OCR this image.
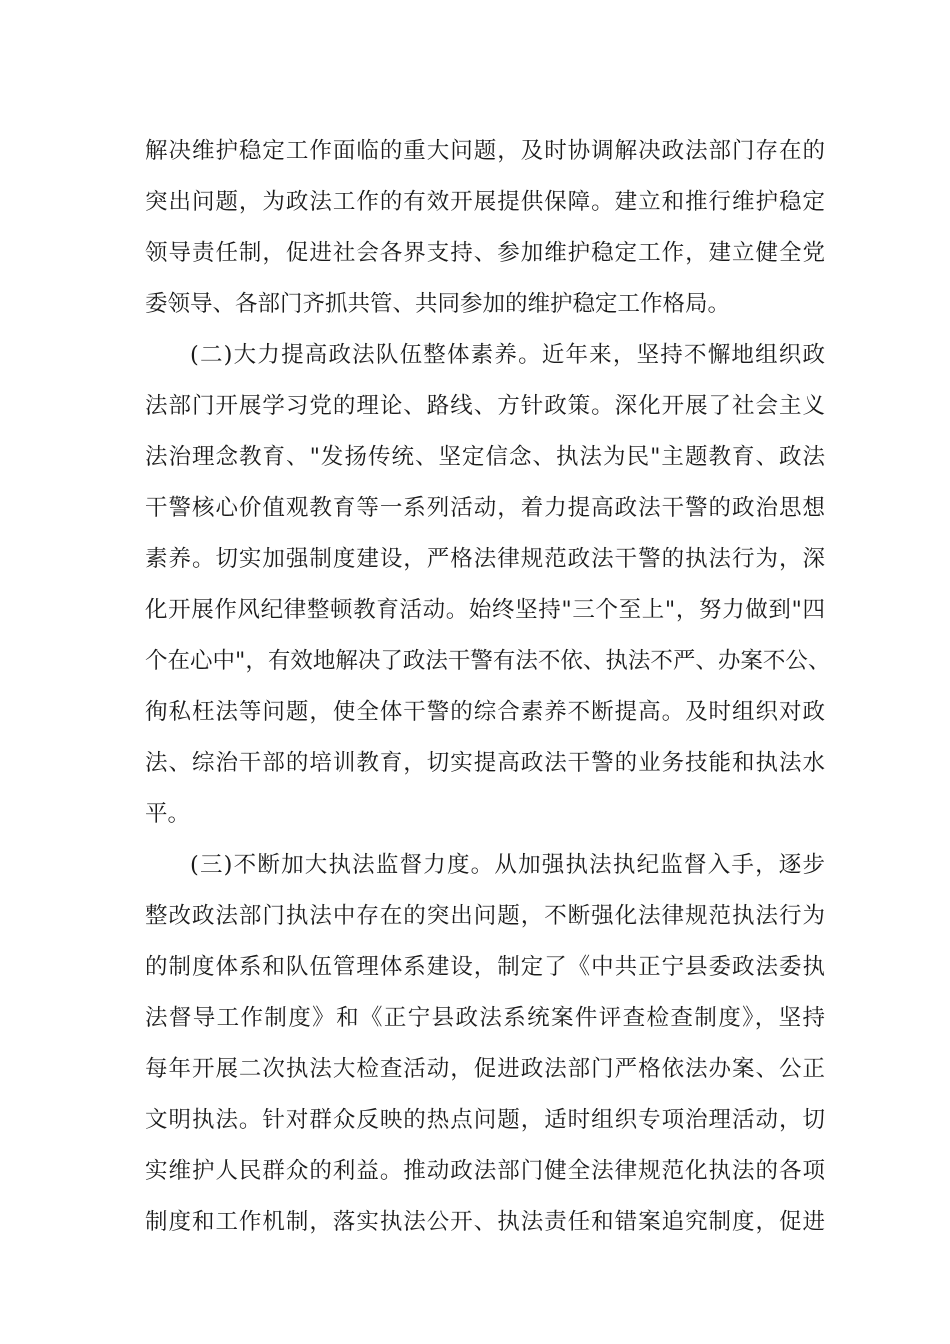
解决维护稳定工作面临的重大问题，及时协调解决政法部门存在的
突出问题，为政法工作的有效开展提供保障。建立和推行维护稳定
领导责任制，促进社会各界支持、参加维护稳定工作，建立健全党
委领导、各部门齐抓共管、共同参加的维护稳定工作格局。
(二)大力提高政法队伍整体素养。近年来，坚持不懈地组织政
法部门开展学习党的理论、路线、方针政策。深化开展了社会主义
法治理念教育、"发扬传统、坚定信念、执法为民"主题教育、政法
干警核心价值观教育等一系列活动，着力提高政法干警的政治思想
素养。切实加强制度建设，严格法律规范政法干警的执法行为，深
化开展作风纪律整顿教育活动。始终坚持"三个至上"，努力做到"四
个在心中"，有效地解决了政法干警有法不依、执法不严、办案不公、
徇私枉法等问题，使全体干警的综合素养不断提高。及时组织对政
法、综治干部的培训教育，切实提高政法干警的业务技能和执法水
平。
(三)不断加大执法监督力度。从加强执法执纪监督入手，逐步
整改政法部门执法中存在的突出问题，不断强化法律规范执法行为
的制度体系和队伍管理体系建设，制定了《中共正宁县委政法委执
法督导工作制度》和《正宁县政法系统案件评查检查制度》，坚持
每年开展二次执法大检查活动，促进政法部门严格依法办案、公正
文明执法。针对群众反映的热点问题，适时组织专项治理活动，切
实维护人民群众的利益。推动政法部门健全法律规范化执法的各项
制度和工作机制，落实执法公开、执法责任和错案追究制度，促进
